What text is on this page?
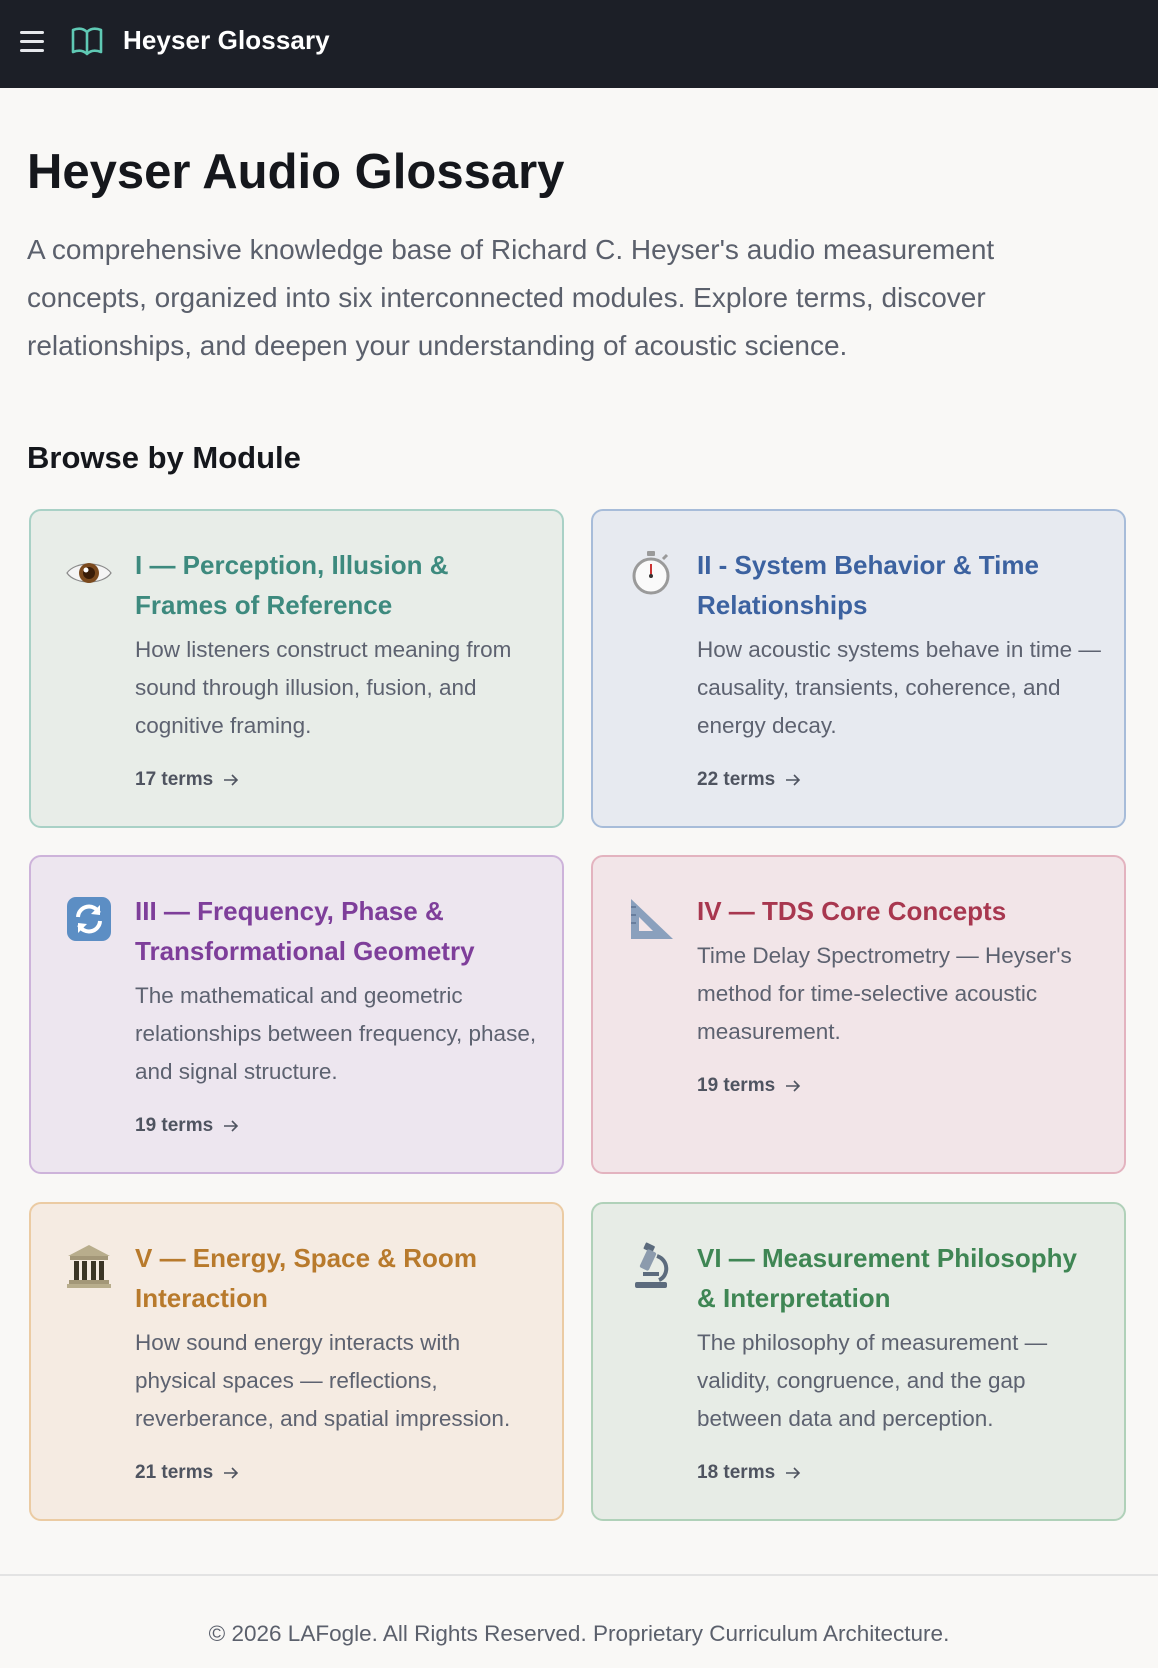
Heyser Glossary
Heyser Audio Glossary

A comprehensive knowledge base of Richard C. Heyser's audio measurement concepts, organized into six interconnected modules. Explore terms, discover relationships, and deepen your understanding of acoustic science.

Browse by Module
I — Perception, Illusion & Frames of Reference
How listeners construct meaning from sound through illusion, fusion, and cognitive framing.
17 terms
II - System Behavior & Time Relationships
How acoustic systems behave in time — causality, transients, coherence, and energy decay.
22 terms
III — Frequency, Phase & Transformational Geometry
The mathematical and geometric relationships between frequency, phase, and signal structure.
19 terms
IV — TDS Core Concepts
Time Delay Spectrometry — Heyser's method for time-selective acoustic measurement.
19 terms
V — Energy, Space & Room Interaction
How sound energy interacts with physical spaces — reflections, reverberance, and spatial impression.
21 terms
VI — Measurement Philosophy & Interpretation
The philosophy of measurement — validity, congruence, and the gap between data and perception.
18 terms
© 2026 LAFogle. All Rights Reserved. Proprietary Curriculum Architecture.
